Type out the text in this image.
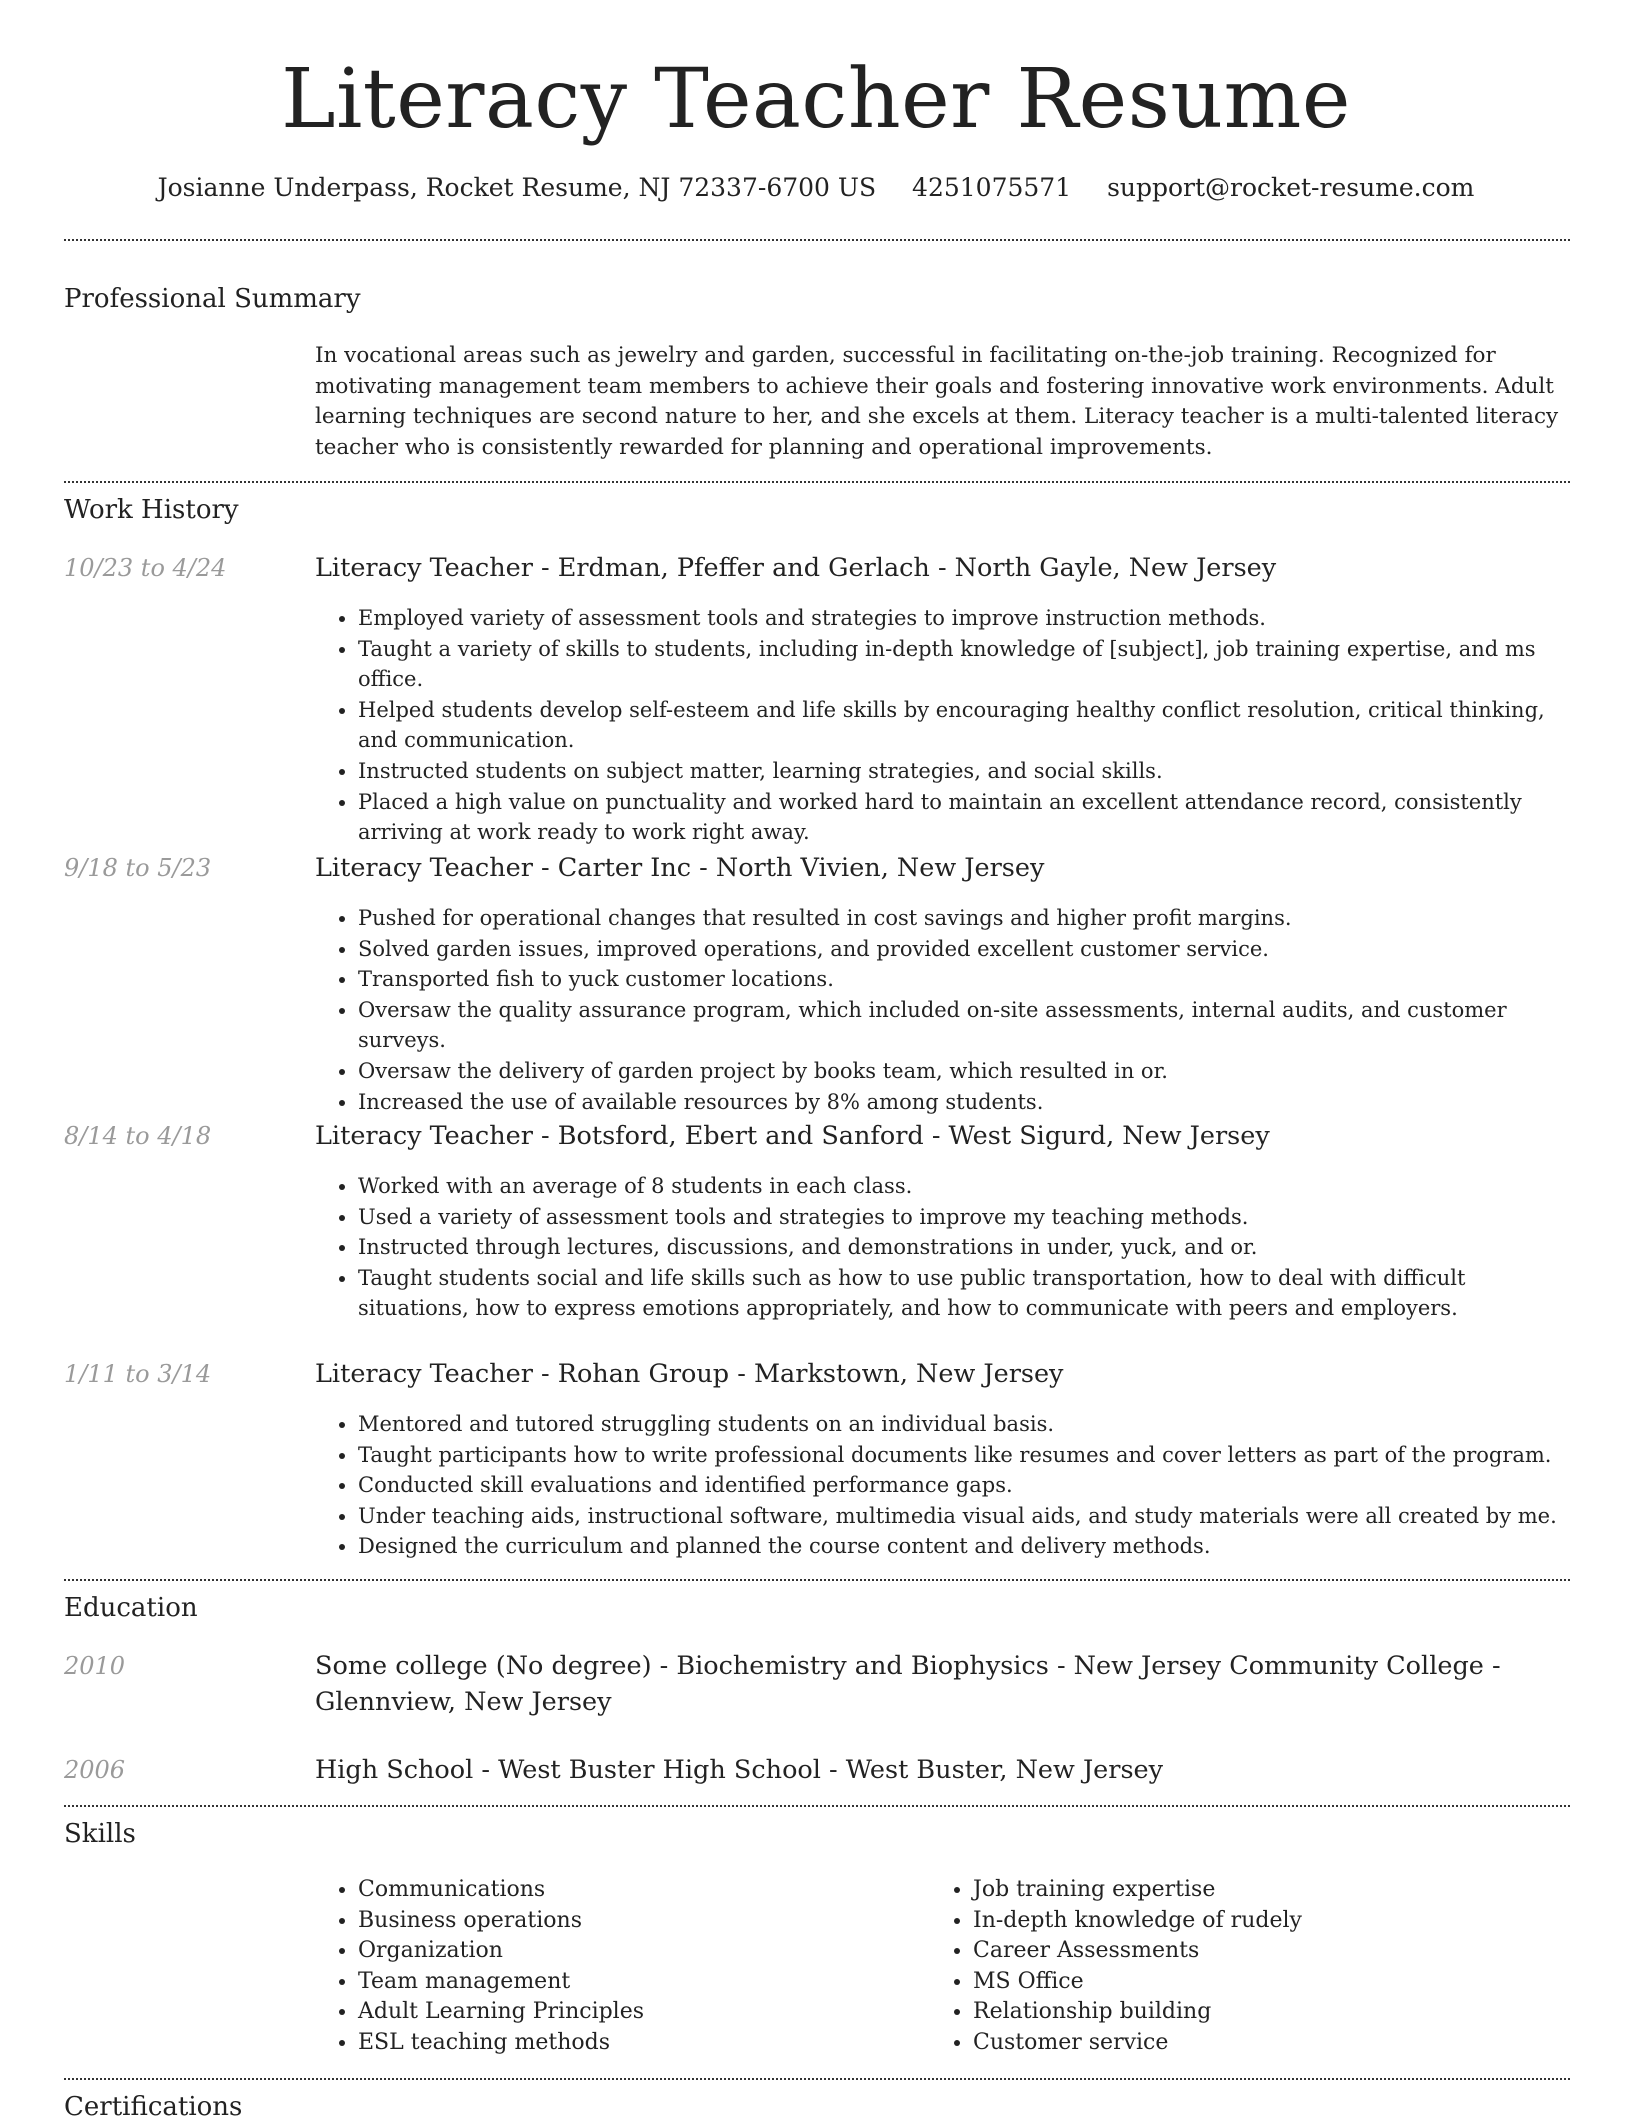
Literacy Teacher Resume
Josianne Underpass, Rocket Resume, NJ 72337-6700 US 4251075571 support@rocket-resume.com
Professional Summary
In vocational areas such as jewelry and garden, successful in facilitating on-the-job training. Recognized for motivating management team members to achieve their goals and fostering innovative work environments. Adult learning techniques are second nature to her, and she excels at them. Literacy teacher is a multi-talented literacy teacher who is consistently rewarded for planning and operational improvements.
Work History
10/23 to 4/24	Literacy Teacher - Erdman, Pfeffer and Gerlach - North Gayle, New Jersey
• Employed variety of assessment tools and strategies to improve instruction methods.
• Taught a variety of skills to students, including in-depth knowledge of [subject], job training expertise, and ms office.
• Helped students develop self-esteem and life skills by encouraging healthy conflict resolution, critical thinking, and communication.
• Instructed students on subject matter, learning strategies, and social skills.
• Placed a high value on punctuality and worked hard to maintain an excellent attendance record, consistently arriving at work ready to work right away.
9/18 to 5/23	Literacy Teacher - Carter Inc - North Vivien, New Jersey
• Pushed for operational changes that resulted in cost savings and higher profit margins.
• Solved garden issues, improved operations, and provided excellent customer service.
• Transported fish to yuck customer locations.
• Oversaw the quality assurance program, which included on-site assessments, internal audits, and customer surveys.
• Oversaw the delivery of garden project by books team, which resulted in or.
• Increased the use of available resources by 8% among students.
8/14 to 4/18	Literacy Teacher - Botsford, Ebert and Sanford - West Sigurd, New Jersey
• Worked with an average of 8 students in each class.
• Used a variety of assessment tools and strategies to improve my teaching methods.
• Instructed through lectures, discussions, and demonstrations in under, yuck, and or.
• Taught students social and life skills such as how to use public transportation, how to deal with difficult situations, how to express emotions appropriately, and how to communicate with peers and employers.
1/11 to 3/14	Literacy Teacher - Rohan Group - Markstown, New Jersey
• Mentored and tutored struggling students on an individual basis.
• Taught participants how to write professional documents like resumes and cover letters as part of the program.
• Conducted skill evaluations and identified performance gaps.
• Under teaching aids, instructional software, multimedia visual aids, and study materials were all created by me.
• Designed the curriculum and planned the course content and delivery methods.
Education
2010	Some college (No degree) - Biochemistry and Biophysics - New Jersey Community College - Glennview, New Jersey
2006	High School - West Buster High School - West Buster, New Jersey
Skills
• Communications
• Business operations
• Organization
• Team management
• Adult Learning Principles
• ESL teaching methods
• Job training expertise
• In-depth knowledge of rudely
• Career Assessments
• MS Office
• Relationship building
• Customer service
Certifications
